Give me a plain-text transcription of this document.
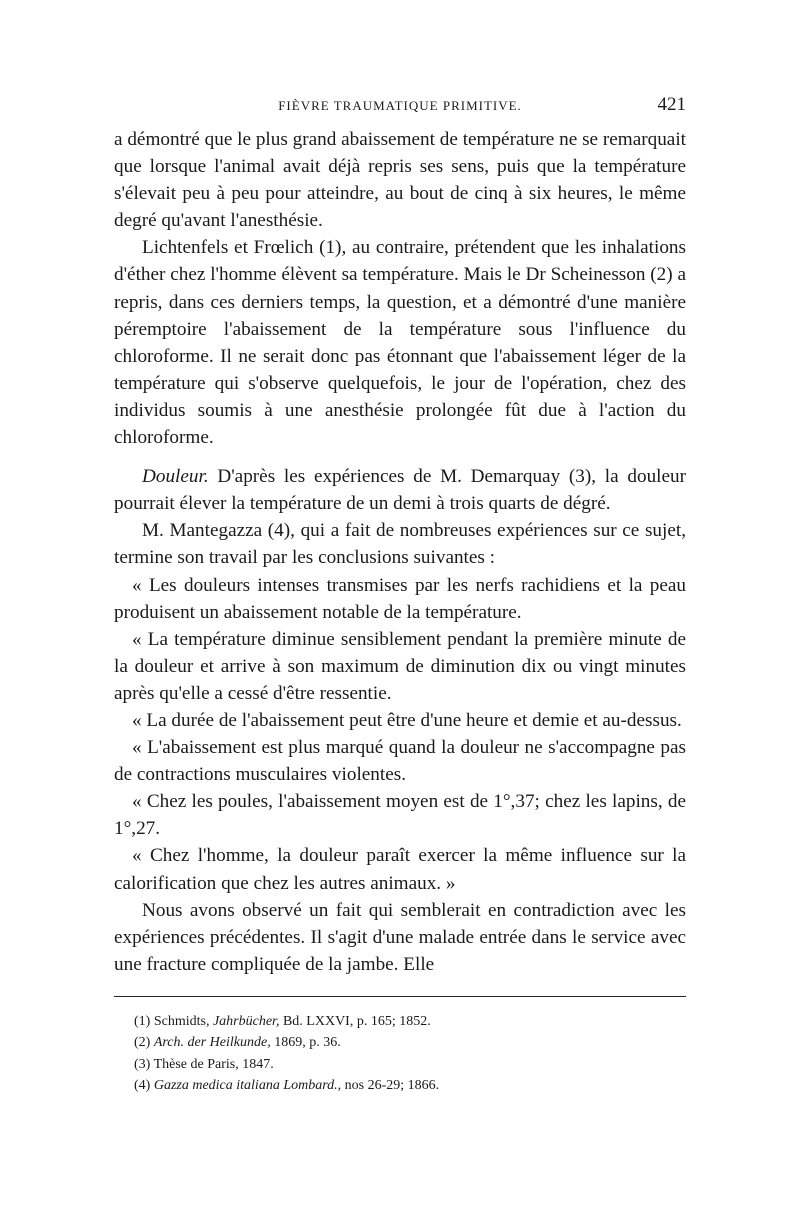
FIÈVRE TRAUMATIQUE PRIMITIVE.	421

a démontré que le plus grand abaissement de température ne se remarquait que lorsque l'animal avait déjà repris ses sens, puis que la température s'élevait peu à peu pour atteindre, au bout de cinq à six heures, le même degré qu'avant l'anesthésie.

Lichtenfels et Frœlich (1), au contraire, prétendent que les inhalations d'éther chez l'homme élèvent sa température. Mais le Dr Scheinesson (2) a repris, dans ces derniers temps, la question, et a démontré d'une manière péremptoire l'abaissement de la température sous l'influence du chloroforme. Il ne serait donc pas étonnant que l'abaissement léger de la température qui s'observe quelquefois, le jour de l'opération, chez des individus soumis à une anesthésie prolongée fût due à l'action du chloroforme.

Douleur. D'après les expériences de M. Demarquay (3), la douleur pourrait élever la température de un demi à trois quarts de dégré.

M. Mantegazza (4), qui a fait de nombreuses expériences sur ce sujet, termine son travail par les conclusions suivantes :

« Les douleurs intenses transmises par les nerfs rachidiens et la peau produisent un abaissement notable de la température.

« La température diminue sensiblement pendant la première minute de la douleur et arrive à son maximum de diminution dix ou vingt minutes après qu'elle a cessé d'être ressentie.

« La durée de l'abaissement peut être d'une heure et demie et au-dessus.

« L'abaissement est plus marqué quand la douleur ne s'accompagne pas de contractions musculaires violentes.

« Chez les poules, l'abaissement moyen est de 1°,37; chez les lapins, de 1°,27.

« Chez l'homme, la douleur paraît exercer la même influence sur la calorification que chez les autres animaux. »

Nous avons observé un fait qui semblerait en contradiction avec les expériences précédentes. Il s'agit d'une malade entrée dans le service avec une fracture compliquée de la jambe. Elle

(1) Schmidts, Jahrbücher, Bd. LXXVI, p. 165; 1852.
(2) Arch. der Heilkunde, 1869, p. 36.
(3) Thèse de Paris, 1847.
(4) Gazza medica italiana Lombard., nos 26-29; 1866.
